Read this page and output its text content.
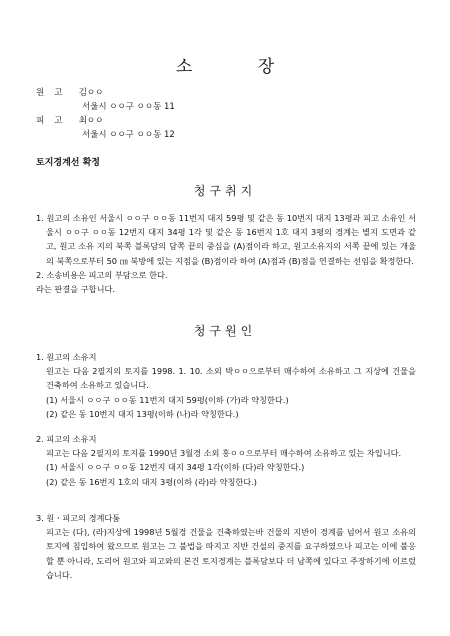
소 장
원고 김ㅇㅇ
서울시 ㅇㅇ구 ㅇㅇ동 11
피고 최ㅇㅇ
서울시 ㅇㅇ구 ㅇㅇ동 12
토지경계선 확정
청구취지

1. 원고의 소유인 서울시 ㅇㅇ구 ㅇㅇ동 11번지 대지 59평 및 같은 동 10번지 대지 13평과 피고 소유인 서울시 ㅇㅇ구 ㅇㅇ동 12번지 대지 34평 1각 및 같은 동 16번지 1호 대지 3평의 경계는 별지 도면과 같고, 원고 소유 지의 북쪽 블록담의 담쪽 끝의 중심을 (A)점이라 하고, 원고소유지의 서쪽 끝에 있는 개울의 북쪽으로부터 50 ㎝ 북방에 있는 지점을 (B)점이라 하여 (A)점과 (B)점을 연결하는 선임을 확정한다.

2. 소송비용은 피고의 부담으로 한다.

라는 판결을 구합니다.

청구원인

1. 원고의 소유지

원고는 다음 2필지의 토지를 1998. 1. 10. 소외 박ㅇㅇ으로부터 매수하여 소유하고 그 지상에 건물을 건축하여 소유하고 있습니다.

(1) 서울시 ㅇㅇ구 ㅇㅇ동 11번지 대지 59평(이하 (가)라 약칭한다.)

(2) 같은 동 10번지 대지 13평(이하 (나)라 약칭한다.)

2. 피고의 소유지

피고는 다음 2필지의 토지를 1990년 3월경 소외 홍ㅇㅇ으로부터 매수하여 소유하고 있는 자입니다.

(1) 서울시 ㅇㅇ구 ㅇㅇ동 12번지 대지 34평 1각(이하 (다)라 약칭한다.)

(2) 같은 동 16번지 1호의 대지 3평(이하 (라)라 약칭한다.)

3. 원ㆍ피고의 경계다툼

피고는 (다), (라)지상에 1998년 5월경 건물을 건축하였는바 건물의 지반이 경계를 넘어서 원고 소유의 토지에 침입하여 왔으므로 원고는 그 불법을 따지고 지반 건설의 중지를 요구하였으나 피고는 이에 불응할 뿐 아니라, 도리어 원고와 피고와의 본건 토지경계는 블록담보다 더 남쪽에 있다고 주장하기에 이르렀습니다.
